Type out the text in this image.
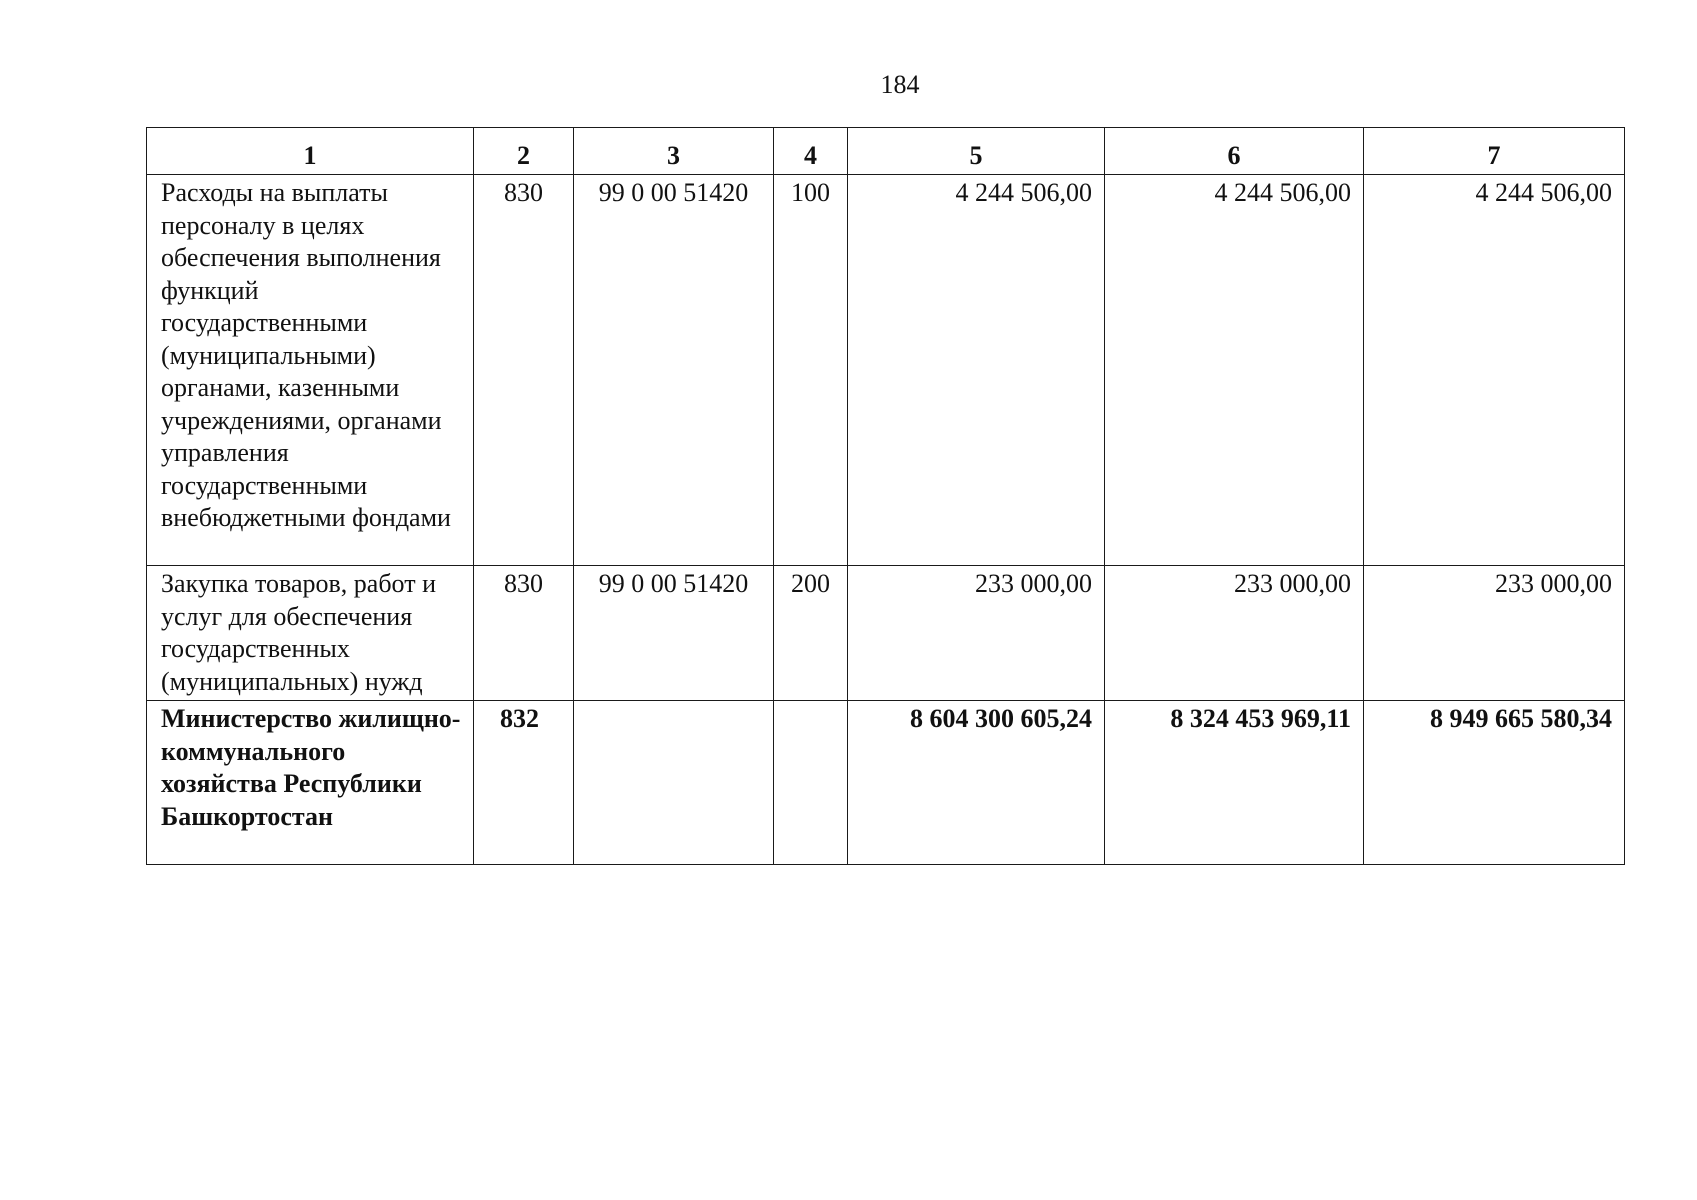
184
1	2	3	4	5	6	7
Расходы на выплаты персоналу в целях обеспечения выполнения функций государственными (муниципальными) органами, казенными учреждениями, органами управления государственными внебюджетными фондами	830	99 0 00 51420	100	4 244 506,00	4 244 506,00	4 244 506,00
Закупка товаров, работ и услуг для обеспечения государственных (муниципальных) нужд	830	99 0 00 51420	200	233 000,00	233 000,00	233 000,00
Министерство жилищно-коммунального хозяйства Республики Башкортостан	832			8 604 300 605,24	8 324 453 969,11	8 949 665 580,34
